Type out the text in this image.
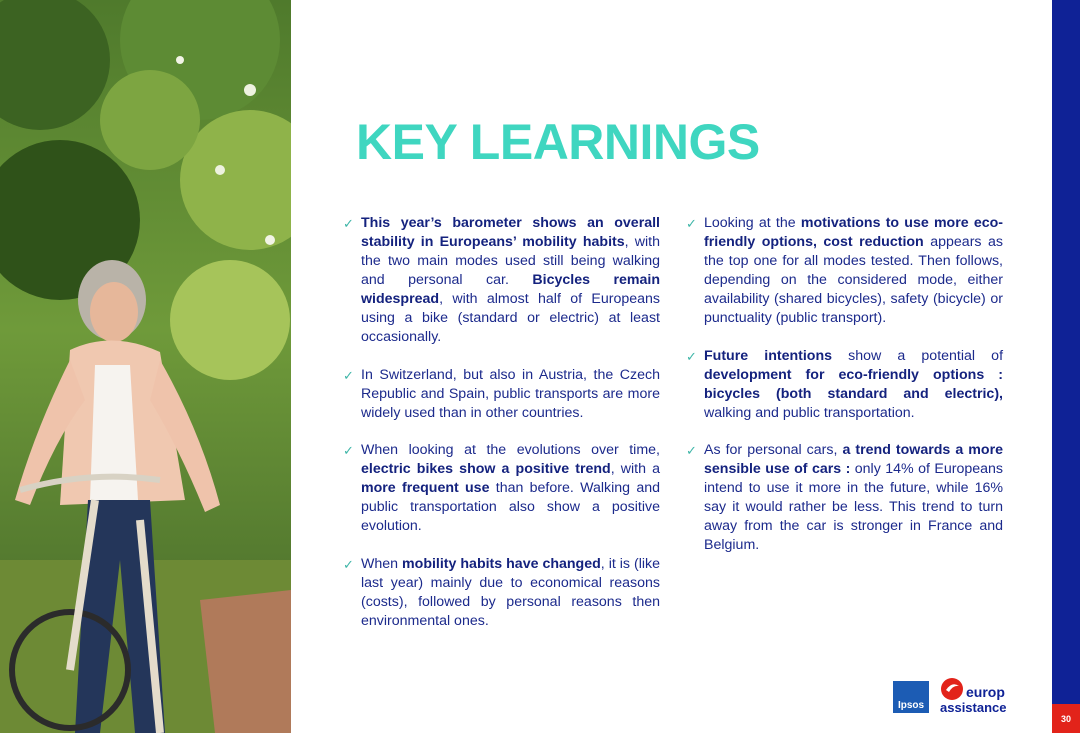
30
KEY LEARNINGS
✓ This year’s barometer shows an overall stability in Europeans’ mobility habits, with the two main modes used still being walking and personal car. Bicycles remain widespread, with almost half of Europeans using a bike (standard or electric) at least occasionally.

✓ In Switzerland, but also in Austria, the Czech Republic and Spain, public transports are more widely used than in other countries.

✓ When looking at the evolutions over time, electric bikes show a positive trend, with a more frequent use than before. Walking and public transportation also show a positive evolution.

✓ When mobility habits have changed, it is (like last year) mainly due to economical reasons (costs), followed by personal reasons then environmental ones.

✓ Looking at the motivations to use more eco-friendly options, cost reduction appears as the top one for all modes tested. Then follows, depending on the considered mode, either availability (shared bicycles), safety (bicycle) or punctuality (public transport).

✓ Future intentions show a potential of development for eco-friendly options : bicycles (both standard and electric), walking and public transportation.

✓ As for personal cars, a trend towards a more sensible use of cars : only 14% of Europeans intend to use it more in the future, while 16% say it would rather be less. This trend to turn away from the car is stronger in France and Belgium.

Ipsos
europ
assistance
